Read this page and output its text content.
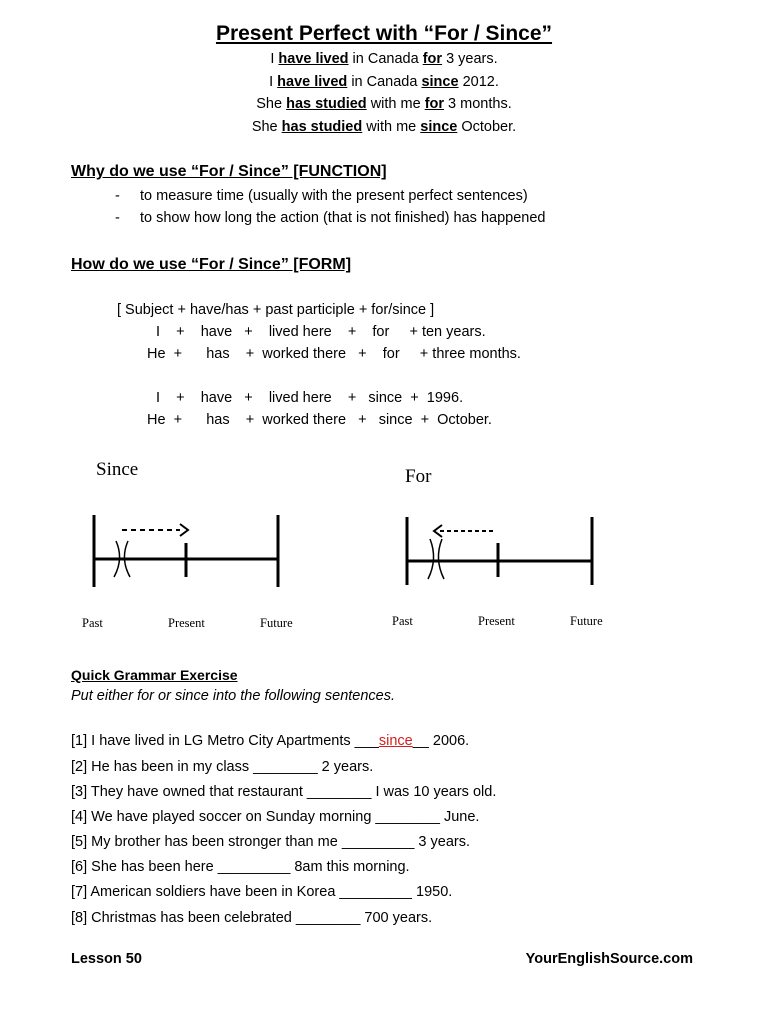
Present Perfect with “For / Since”
I have lived in Canada for 3 years.
I have lived in Canada since 2012.
She has studied with me for 3 months.
She has studied with me since October.
Why do we use “For / Since” [FUNCTION]
- to measure time (usually with the present perfect sentences)
- to show how long the action (that is not finished) has happened
How do we use “For / Since” [FORM]
[ Subject + have/has + past participle + for/since ]
I    +    have   +    lived here    +    for     + ten years.
He  +      has    +  worked there   +    for     + three months.
I    +    have   +    lived here    +   since  +  1996.
He  +      has    +  worked there   +   since  +  October.
Since
Past	Present	Future
For
Past	Present	Future
Quick Grammar Exercise
Put either for or since into the following sentences.
[1] I have lived in LG Metro City Apartments ___since__ 2006.
[2] He has been in my class ________ 2 years.
[3] They have owned that restaurant ________ I was 10 years old.
[4] We have played soccer on Sunday morning ________ June.
[5] My brother has been stronger than me _________ 3 years.
[6] She has been here _________ 8am this morning.
[7] American soldiers have been in Korea _________ 1950.
[8] Christmas has been celebrated ________ 700 years.
Lesson 50	YourEnglishSource.com
